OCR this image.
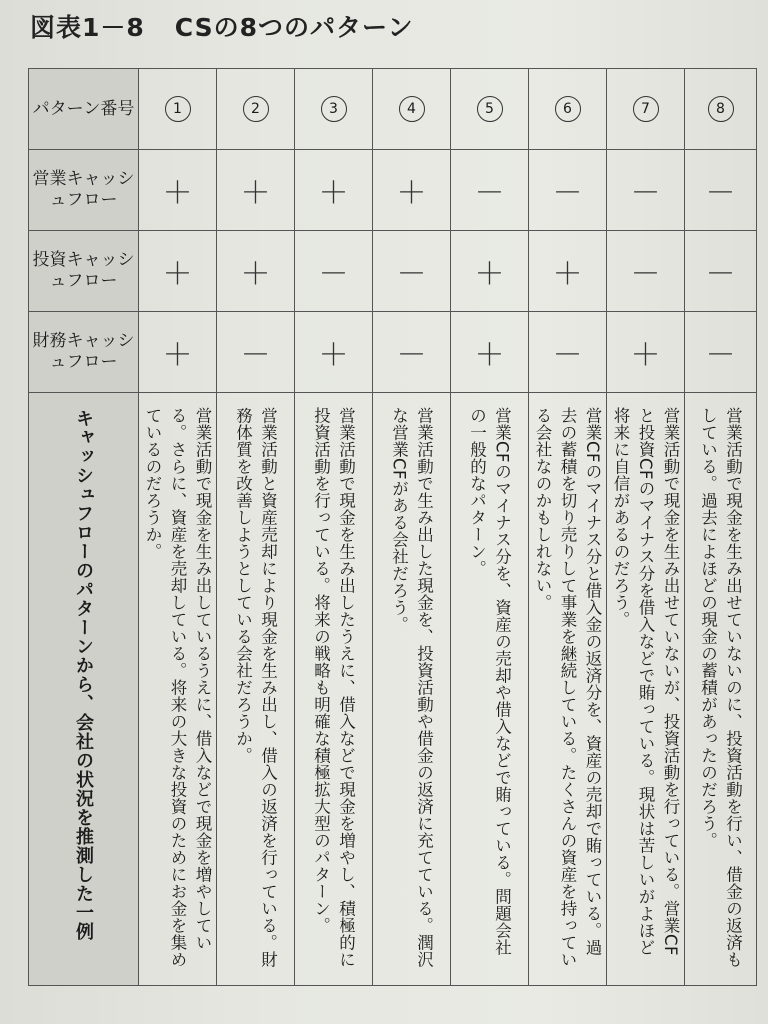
図表1－8 CSの8つのパターン
パターン番号	1	2	3	4	5	6	7	8
営業キャッシュフロー	＋	＋	＋	＋	－	－	－	－
投資キャッシュフロー	＋	＋	－	－	＋	＋	－	－
財務キャッシュフロー	＋	－	＋	－	＋	－	＋	－

キャッシュフローのパターンから、会社の状況を推測した一例	営業活動で現金を生み出しているうえに、借入などで現金を増やしている。さらに、資産を売却している。将来の大きな投資のためにお金を集めているのだろうか。	営業活動と資産売却により現金を生み出し、借入の返済を行っている。財務体質を改善しようとしている会社だろうか。	営業活動で現金を生み出したうえに、借入などで現金を増やし、積極的に投資活動を行っている。将来の戦略も明確な積極拡大型のパターン。	営業活動で生み出した現金を、投資活動や借金の返済に充てている。潤沢な営業CFがある会社だろう。	営業CFのマイナス分を、資産の売却や借入などで賄っている。問題会社の一般的なパターン。	営業CFのマイナス分と借入金の返済分を、資産の売却で賄っている。過去の蓄積を切り売りして事業を継続している。たくさんの資産を持っている会社なのかもしれない。	営業活動で現金を生み出せていないが、投資活動を行っている。営業CFと投資CFのマイナス分を借入などで賄っている。現状は苦しいがよほど将来に自信があるのだろう。	営業活動で現金を生み出せていないのに、投資活動を行い、借金の返済もしている。過去によほどの現金の蓄積があったのだろう。
